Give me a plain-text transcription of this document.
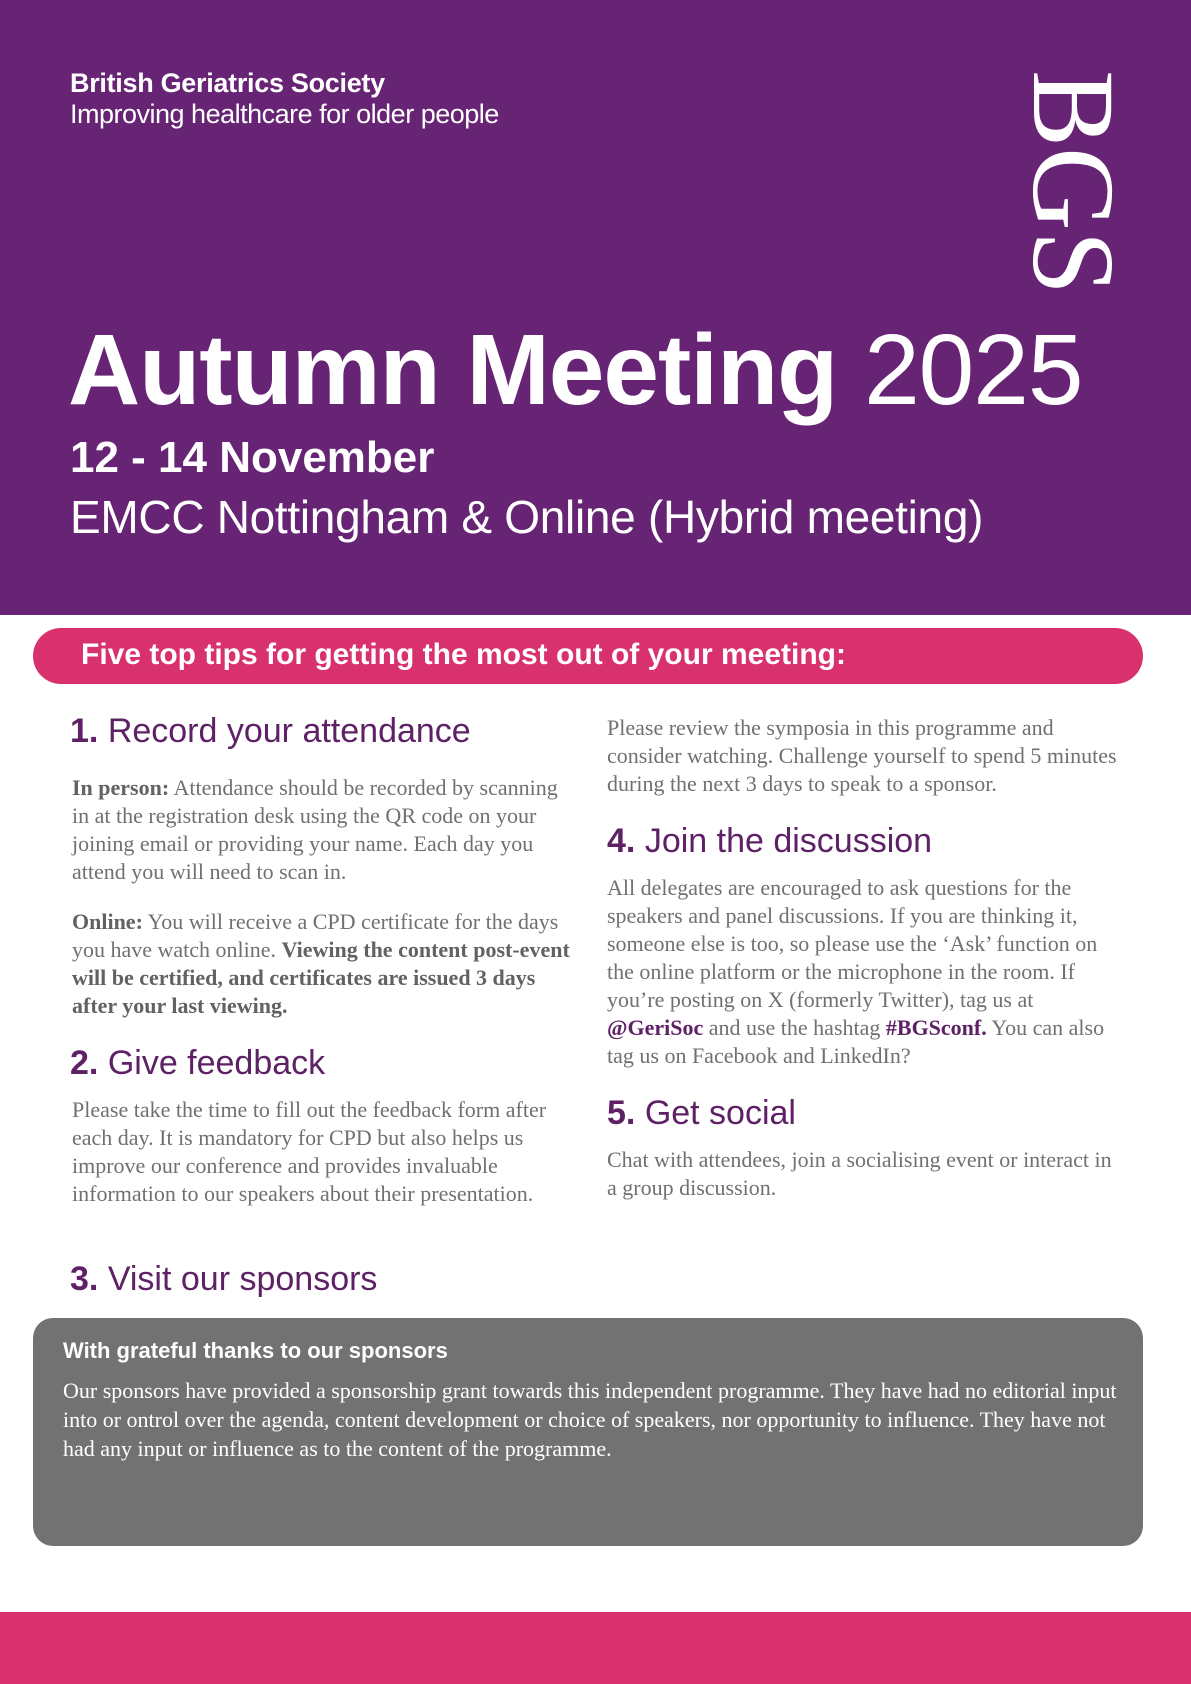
British Geriatrics Society
Improving healthcare for older people	BGS
Autumn Meeting 2025
12 - 14 November
EMCC Nottingham & Online (Hybrid meeting)
Five top tips for getting the most out of your meeting:
1. Record your attendance
In person: Attendance should be recorded by scanning in at the registration desk using the QR code on your joining email or providing your name. Each day you attend you will need to scan in.
Online: You will receive a CPD certificate for the days you have watch online. Viewing the content post-event will be certified, and certificates are issued 3 days after your last viewing.
2. Give feedback
Please take the time to fill out the feedback form after each day. It is mandatory for CPD but also helps us improve our conference and provides invaluable information to our speakers about their presentation.
3. Visit our sponsors
Please review the symposia in this programme and consider watching. Challenge yourself to spend 5 minutes during the next 3 days to speak to a sponsor.
4. Join the discussion
All delegates are encouraged to ask questions for the speakers and panel discussions. If you are thinking it, someone else is too, so please use the ‘Ask’ function on the online platform or the microphone in the room. If you’re posting on X (formerly Twitter), tag us at @GeriSoc and use the hashtag #BGSconf. You can also tag us on Facebook and LinkedIn?
5. Get social
Chat with attendees, join a socialising event or interact in a group discussion.
With grateful thanks to our sponsors
Our sponsors have provided a sponsorship grant towards this independent programme. They have had no editorial input into or ontrol over the agenda, content development or choice of speakers, nor opportunity to influence. They have not had any input or influence as to the content of the programme.
